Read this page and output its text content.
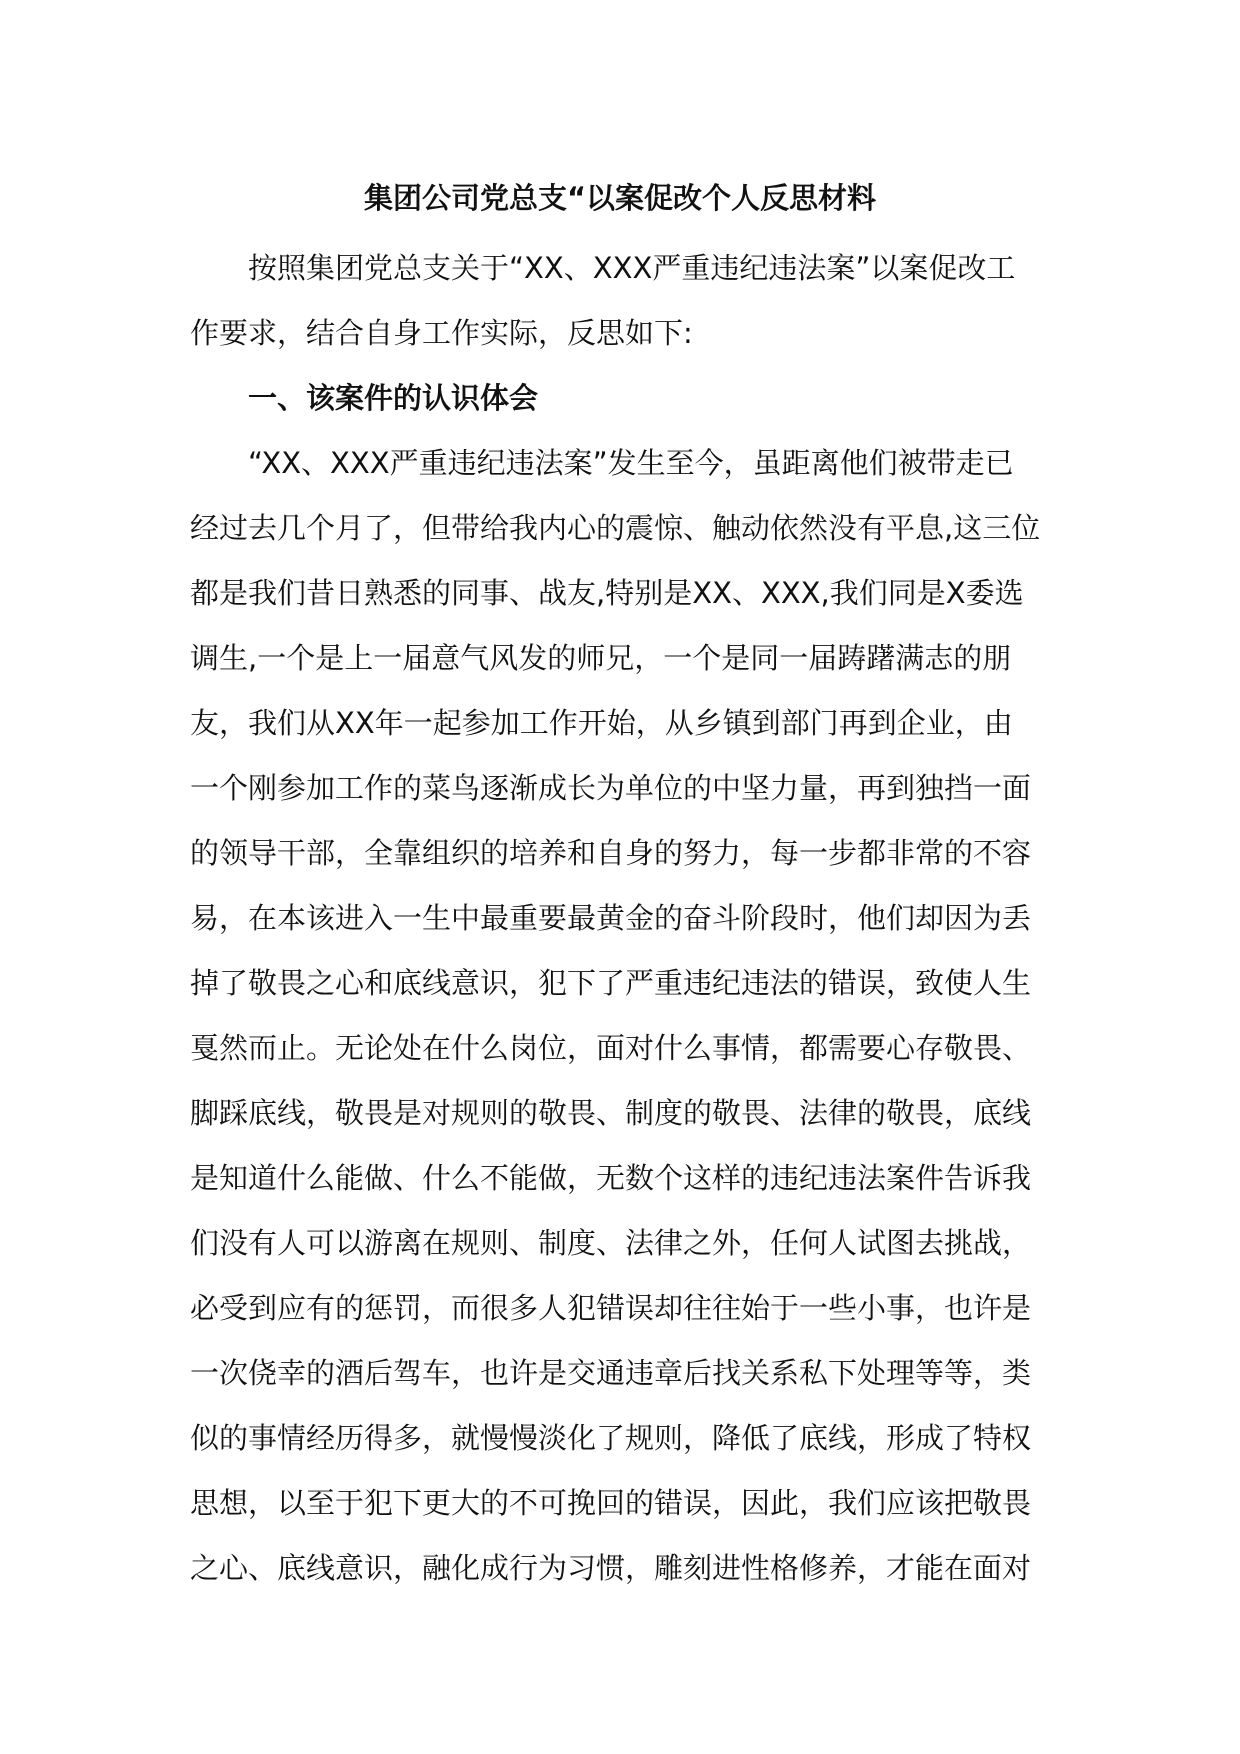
集团公司党总支“以案促改个人反思材料
按照集团党总支关于“XX、XXX严重违纪违法案”以案促改工
作要求，结合自身工作实际，反思如下:
一、该案件的认识体会
“XX、XXX严重违纪违法案”发生至今，虽距离他们被带走已
经过去几个月了，但带给我内心的震惊、触动依然没有平息,这三位
都是我们昔日熟悉的同事、战友,特别是XX、XXX,我们同是X委选
调生,一个是上一届意气风发的师兄，一个是同一届踌躇满志的朋
友，我们从XX年一起参加工作开始，从乡镇到部门再到企业，由
一个刚参加工作的菜鸟逐渐成长为单位的中坚力量，再到独挡一面
的领导干部，全靠组织的培养和自身的努力，每一步都非常的不容
易，在本该进入一生中最重要最黄金的奋斗阶段时，他们却因为丢
掉了敬畏之心和底线意识，犯下了严重违纪违法的错误，致使人生
戛然而止。无论处在什么岗位，面对什么事情，都需要心存敬畏、
脚踩底线，敬畏是对规则的敬畏、制度的敬畏、法律的敬畏，底线
是知道什么能做、什么不能做，无数个这样的违纪违法案件告诉我
们没有人可以游离在规则、制度、法律之外，任何人试图去挑战，
必受到应有的惩罚，而很多人犯错误却往往始于一些小事，也许是
一次侥幸的酒后驾车，也许是交通违章后找关系私下处理等等，类
似的事情经历得多，就慢慢淡化了规则，降低了底线，形成了特权
思想，以至于犯下更大的不可挽回的错误，因此，我们应该把敬畏
之心、底线意识，融化成行为习惯，雕刻进性格修养，才能在面对
